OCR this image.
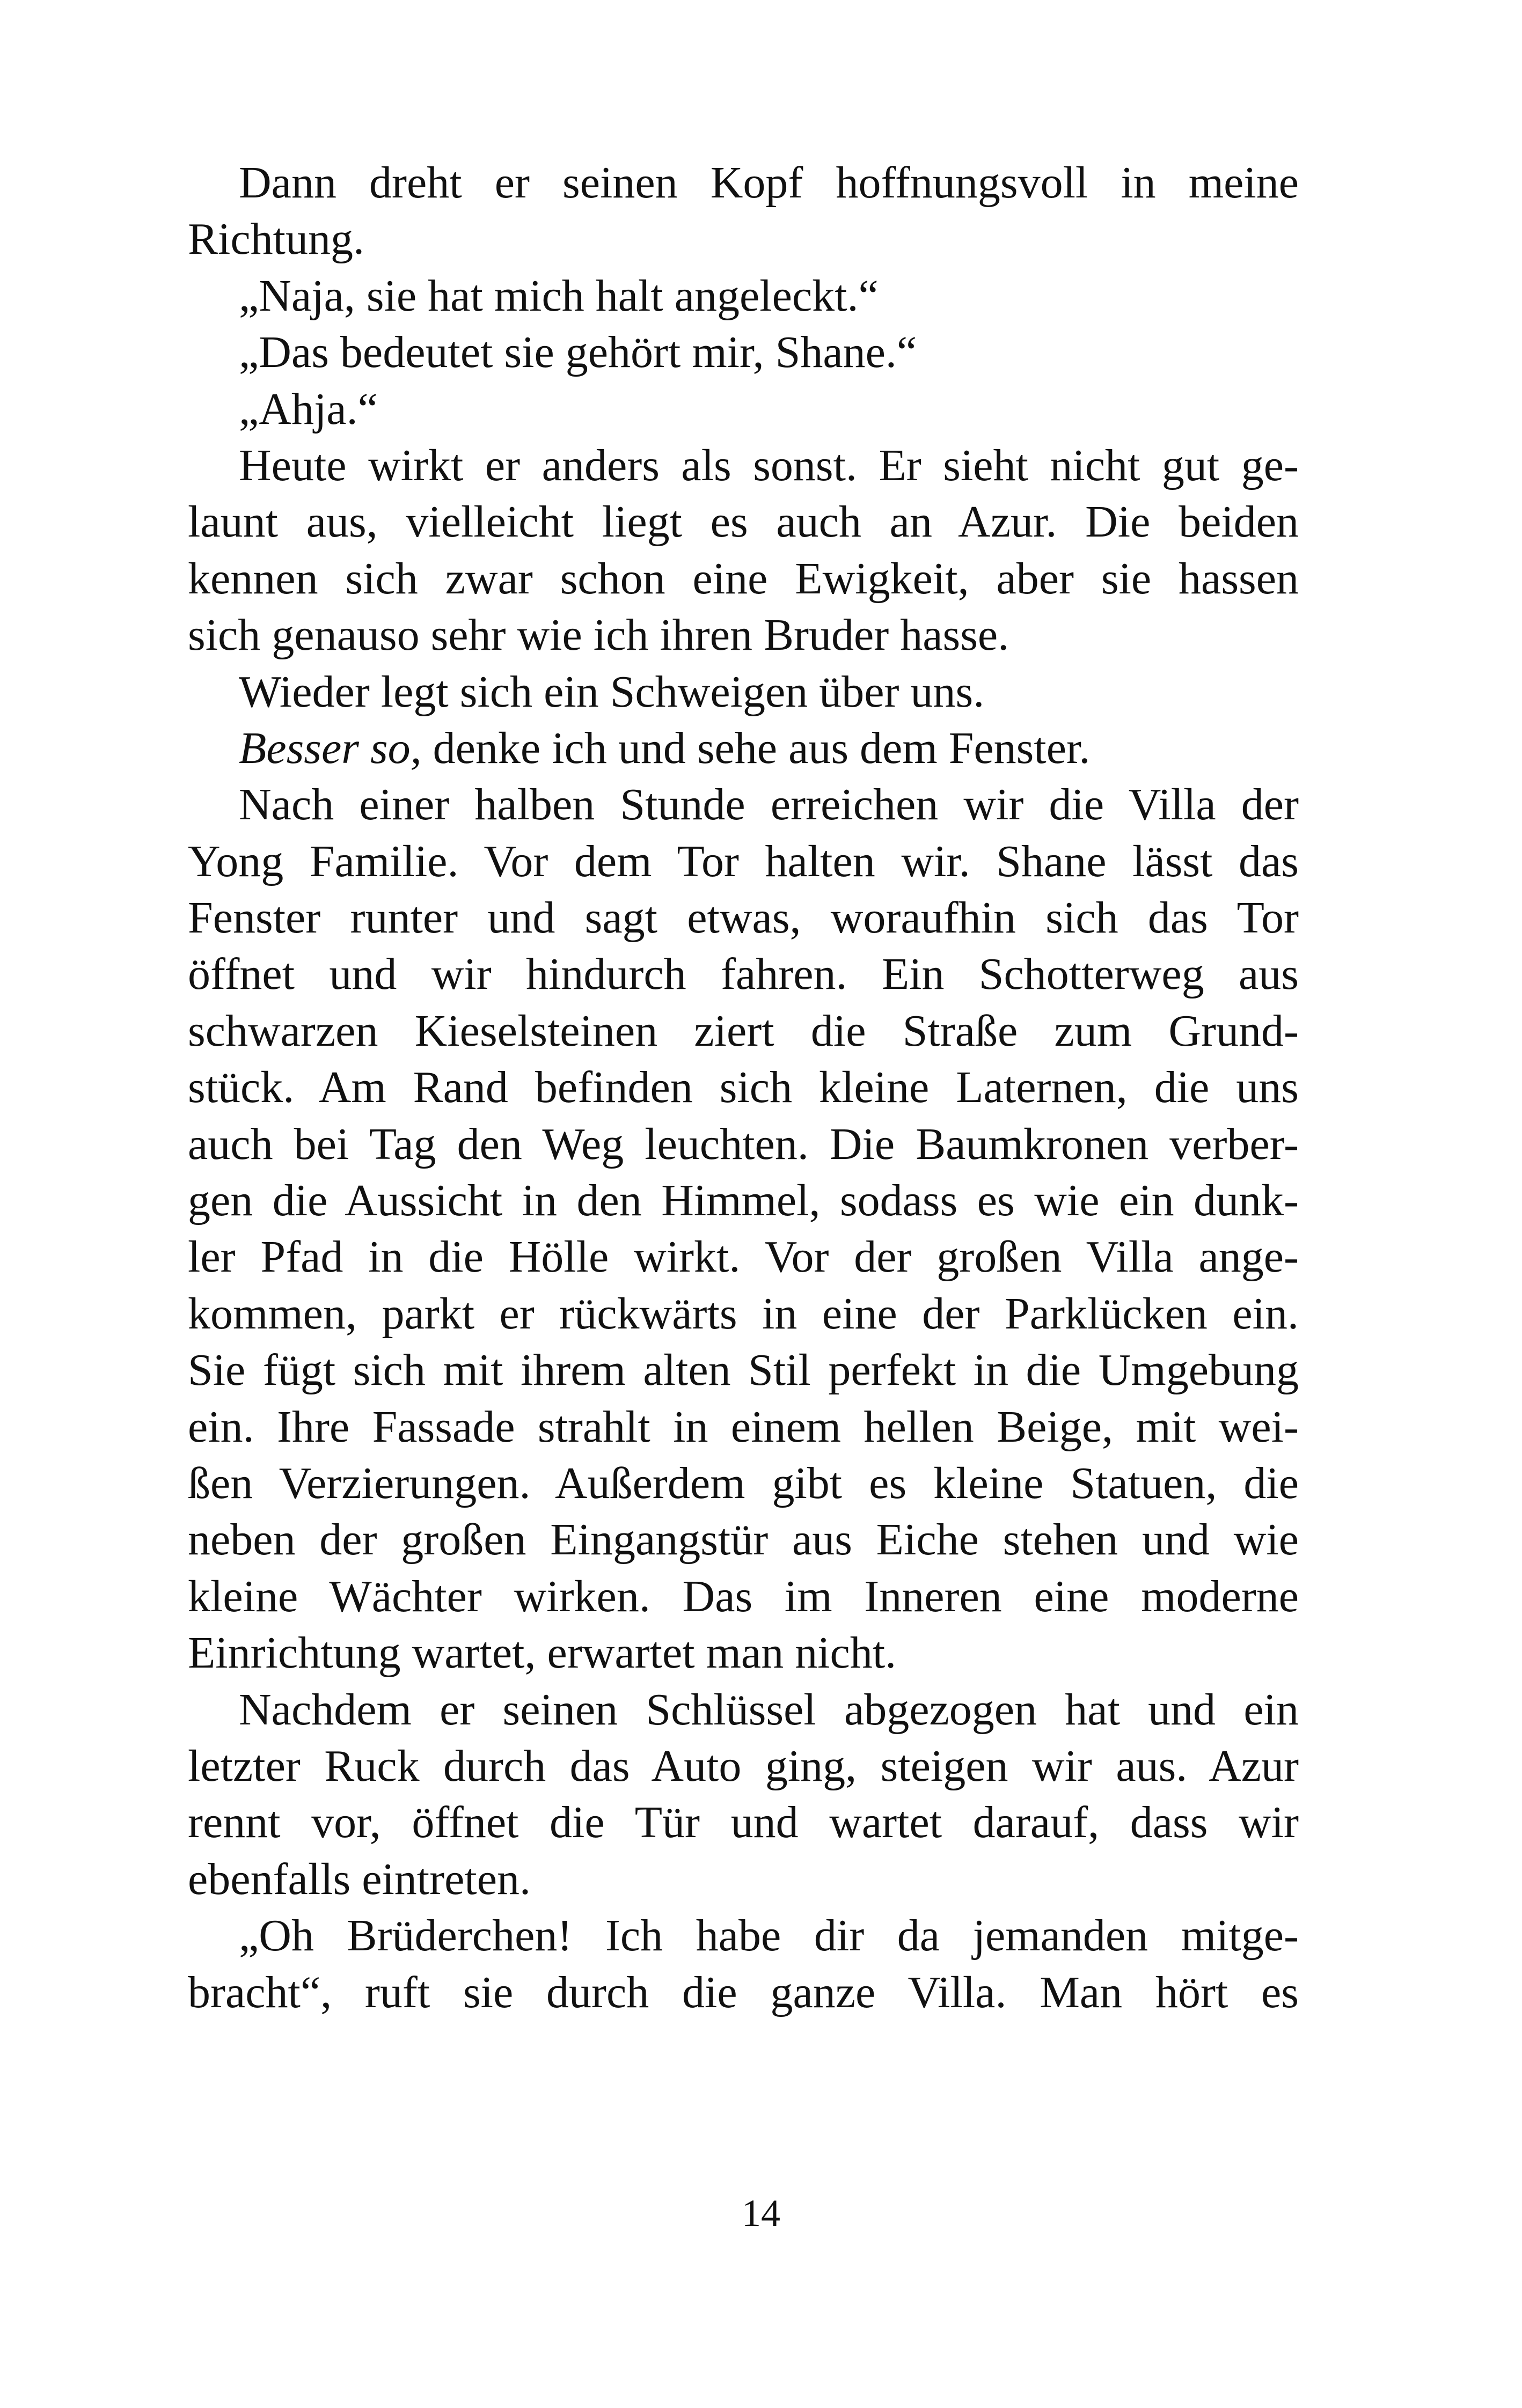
Dann dreht er seinen Kopf hoffnungsvoll in meine
Richtung.
„Naja, sie hat mich halt angeleckt.“
„Das bedeutet sie gehört mir, Shane.“
„Ahja.“
Heute wirkt er anders als sonst. Er sieht nicht gut ge-
launt aus, vielleicht liegt es auch an Azur. Die beiden
kennen sich zwar schon eine Ewigkeit, aber sie hassen
sich genauso sehr wie ich ihren Bruder hasse.
Wieder legt sich ein Schweigen über uns.
Besser so, denke ich und sehe aus dem Fenster.
Nach einer halben Stunde erreichen wir die Villa der
Yong Familie. Vor dem Tor halten wir. Shane lässt das
Fenster runter und sagt etwas, woraufhin sich das Tor
öffnet und wir hindurch fahren. Ein Schotterweg aus
schwarzen Kieselsteinen ziert die Straße zum Grund-
stück. Am Rand befinden sich kleine Laternen, die uns
auch bei Tag den Weg leuchten. Die Baumkronen verber-
gen die Aussicht in den Himmel, sodass es wie ein dunk-
ler Pfad in die Hölle wirkt. Vor der großen Villa ange-
kommen, parkt er rückwärts in eine der Parklücken ein.
Sie fügt sich mit ihrem alten Stil perfekt in die Umgebung
ein. Ihre Fassade strahlt in einem hellen Beige, mit wei-
ßen Verzierungen. Außerdem gibt es kleine Statuen, die
neben der großen Eingangstür aus Eiche stehen und wie
kleine Wächter wirken. Das im Inneren eine moderne
Einrichtung wartet, erwartet man nicht.
Nachdem er seinen Schlüssel abgezogen hat und ein
letzter Ruck durch das Auto ging, steigen wir aus. Azur
rennt vor, öffnet die Tür und wartet darauf, dass wir
ebenfalls eintreten.
„Oh Brüderchen! Ich habe dir da jemanden mitge-
bracht“, ruft sie durch die ganze Villa. Man hört es
14
